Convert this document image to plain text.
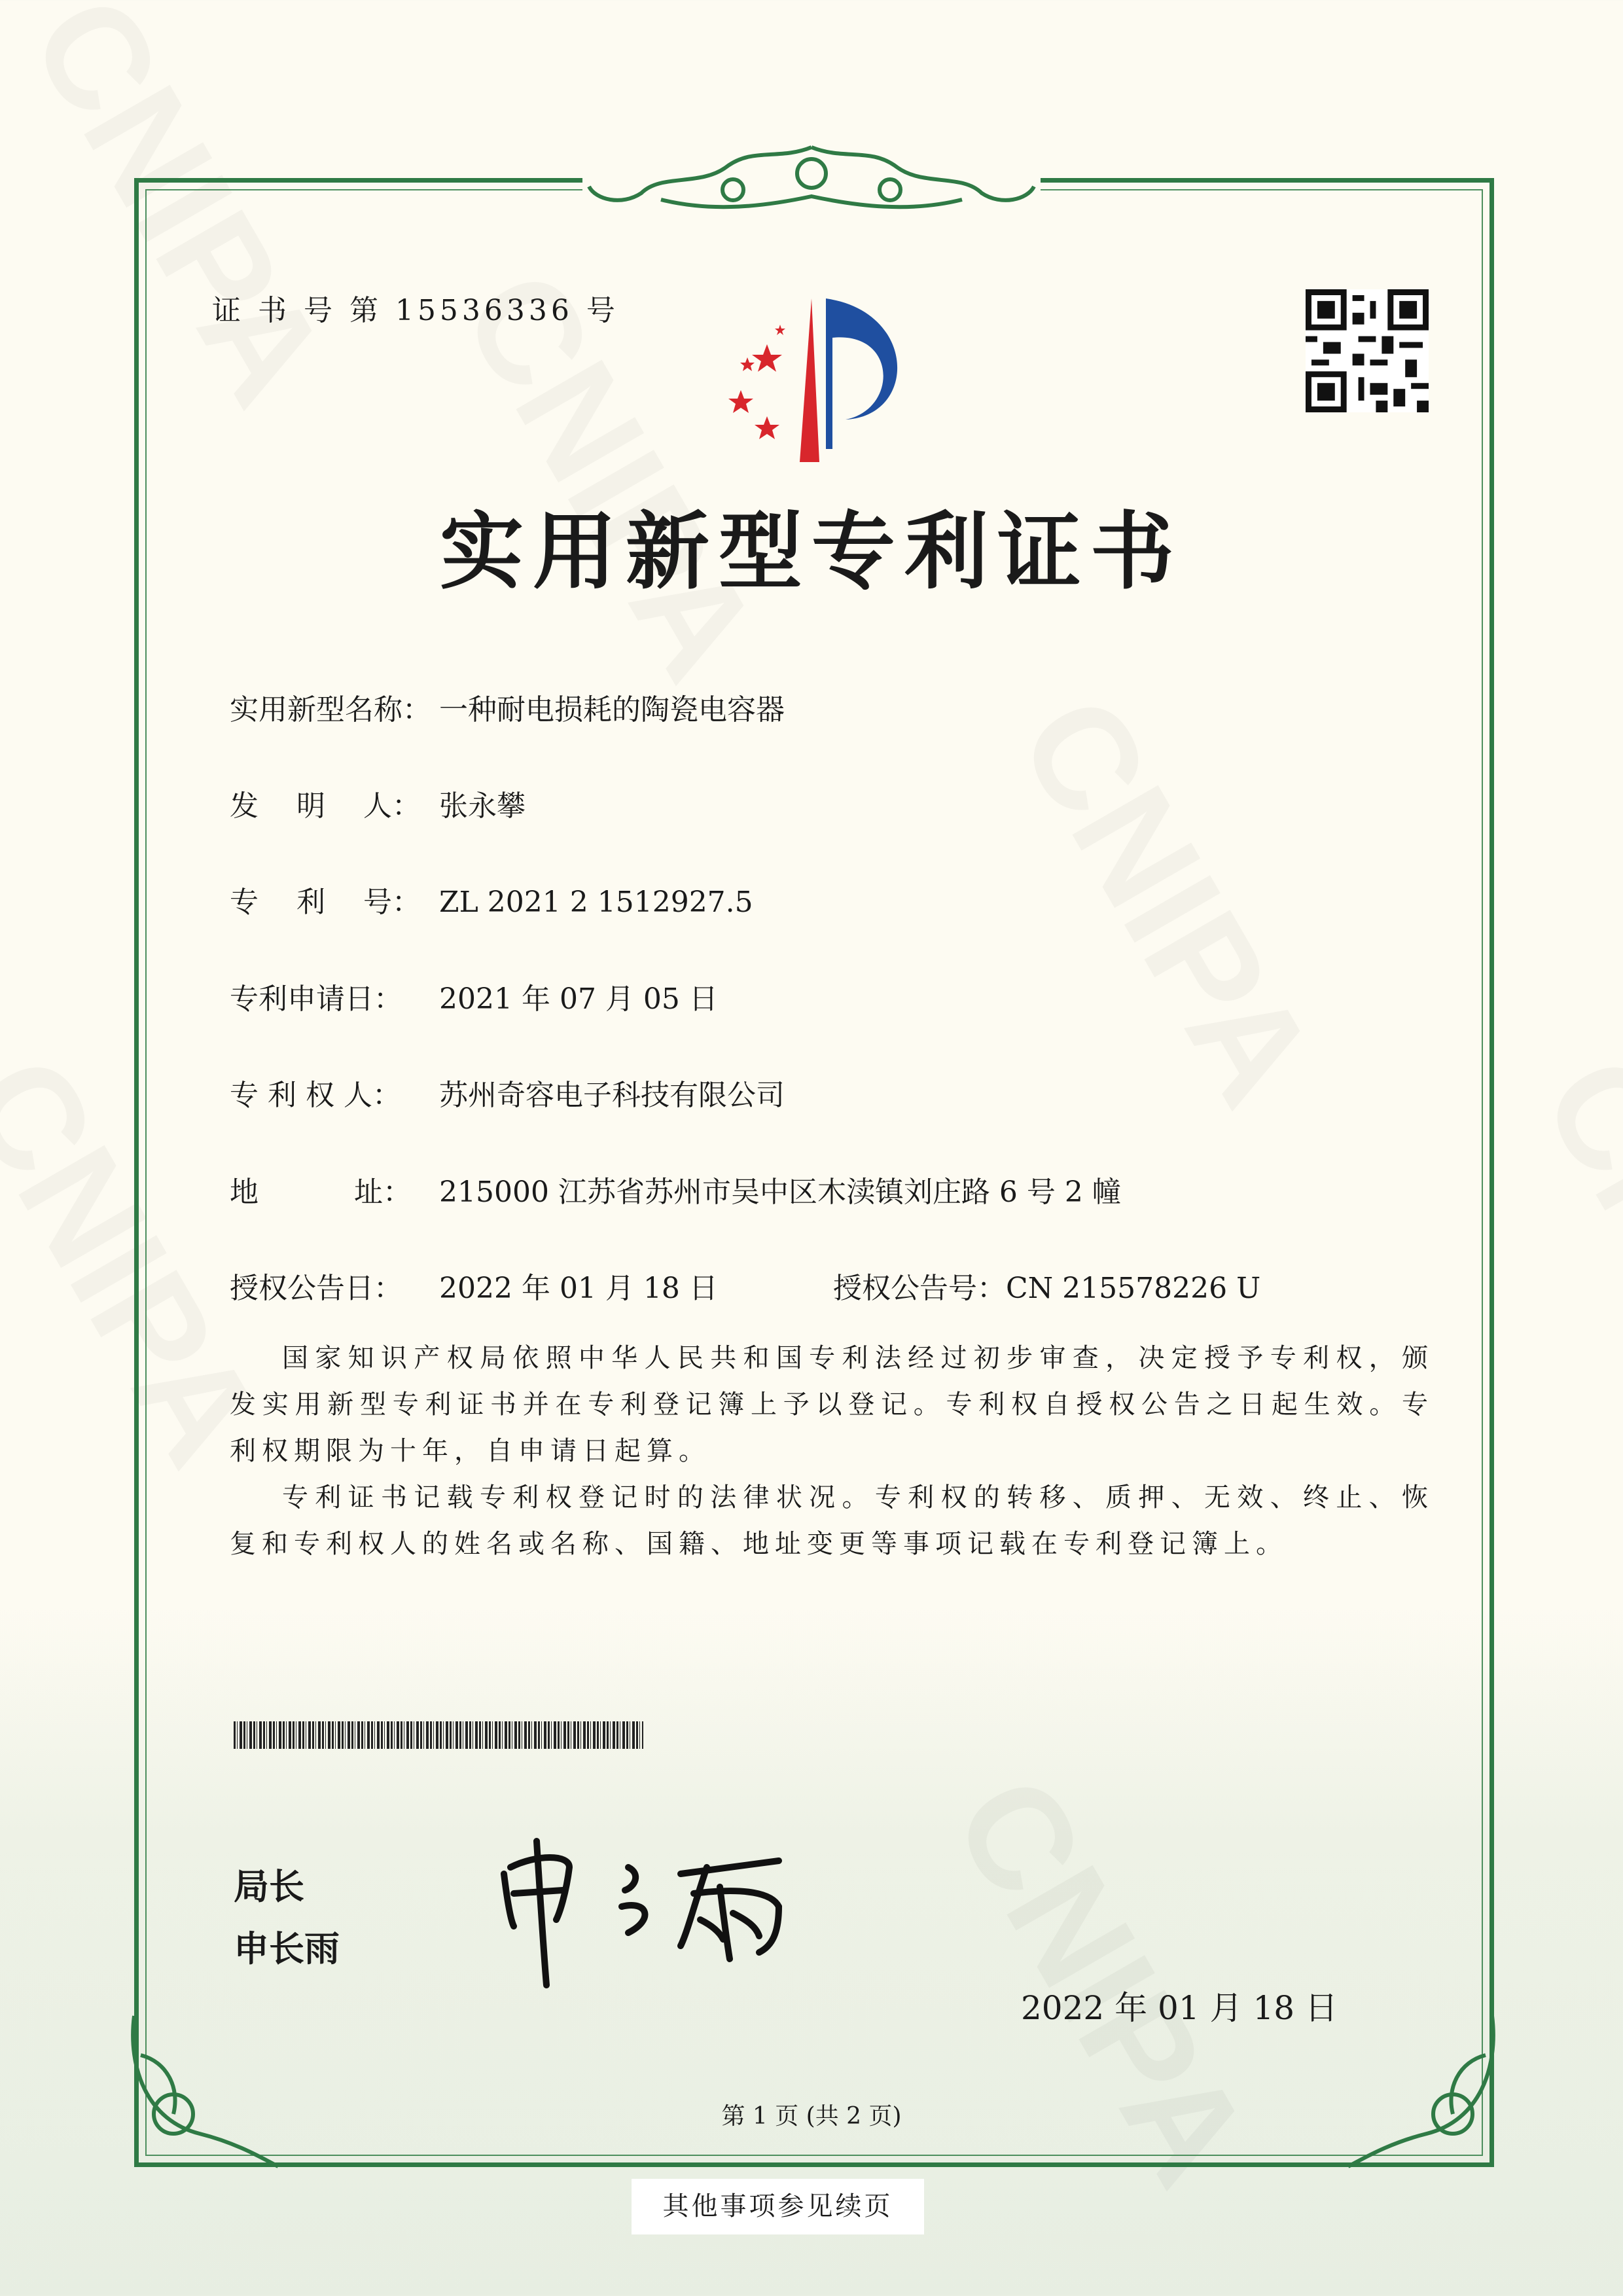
证 书 号 第 15536336 号
实用新型专利证书
实用新型名称： 一种耐电损耗的陶瓷电容器
发　 明　 人： 张永攀
专　 利　 号： ZL 2021 2 1512927.5
专利申请日： 2021 年 07 月 05 日
专 利 权 人： 苏州奇容电子科技有限公司
地　　　 址： 215000 江苏省苏州市吴中区木渎镇刘庄路 6 号 2 幢
授权公告日： 2022 年 01 月 18 日	授权公告号：CN 215578226 U

国家知识产权局依照中华人民共和国专利法经过初步审查，决定授予专利权，颁发实用新型专利证书并在专利登记簿上予以登记。专利权自授权公告之日起生效。专利权期限为十年，自申请日起算。

专利证书记载专利权登记时的法律状况。专利权的转移、质押、无效、终止、恢复和专利权人的姓名或名称、国籍、地址变更等事项记载在专利登记簿上。

局长
申长雨
2022 年 01 月 18 日
第 1 页 (共 2 页)
其他事项参见续页
